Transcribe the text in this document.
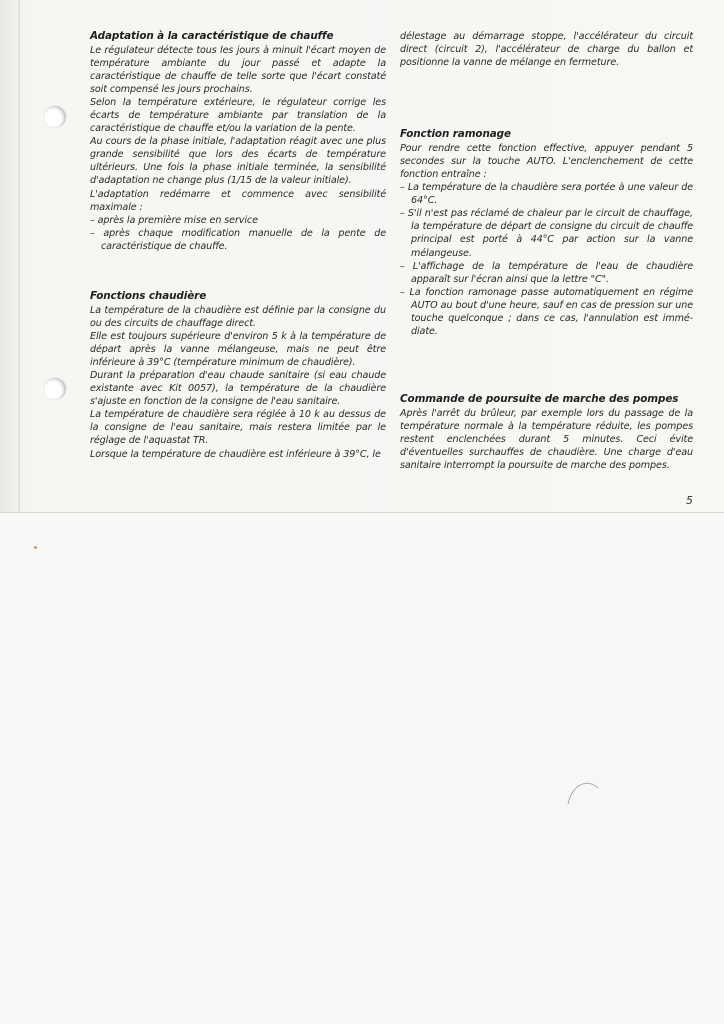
Adaptation à la caractéristique de chauffe

Le régulateur détecte tous les jours à minuit l'écart moyen de température ambiante du jour passé et adapte la caractéristique de chauffe de telle sorte que l'écart constaté soit compensé les jours prochains.

Selon la température extérieure, le régulateur corrige les écarts de température ambiante par translation de la caractéristique de chauffe et/ou la variation de la pente.

Au cours de la phase initiale, l'adaptation réagit avec une plus grande sensibilité que lors des écarts de température ultérieurs. Une fois la phase initiale terminée, la sensibilité d'adaptation ne change plus (1/15 de la valeur initiale).

L'adaptation redémarre et commence avec sensibilité maximale :

– après la première mise en service

– après chaque modification manuelle de la pente de caractéristique de chauffe.

Fonctions chaudière

La température de la chaudière est définie par la consigne du ou des circuits de chauffage direct.

Elle est toujours supérieure d'environ 5 k à la température de départ après la vanne mélangeuse, mais ne peut être inférieure à 39°C (température minimum de chaudière).

Durant la préparation d'eau chaude sanitaire (si eau chaude existante avec Kit 0057), la température de la chaudière s'ajuste en fonction de la consigne de l'eau sanitaire.

La température de chaudière sera réglée à 10 k au dessus de la consigne de l'eau sanitaire, mais restera limitée par le réglage de l'aquastat TR.

Lorsque la température de chaudière est inférieure à 39°C, le

délestage au démarrage stoppe, l'accélérateur du circuit direct (circuit 2), l'accélérateur de charge du ballon et positionne la vanne de mélange en fermeture.

Fonction ramonage

Pour rendre cette fonction effective, appuyer pendant 5 secondes sur la touche AUTO. L'enclenchement de cette fonction entraîne :

– La température de la chaudière sera portée à une valeur de 64°C.

– S'il n'est pas réclamé de chaleur par le circuit de chauffage, la température de départ de consigne du circuit de chauffe principal est porté à 44°C par action sur la vanne mélangeuse.

– L'affichage de la température de l'eau de chaudière apparaît sur l'écran ainsi que la lettre "C".

– La fonction ramonage passe automatiquement en régime AUTO au bout d'une heure, sauf en cas de pression sur une touche quelconque ; dans ce cas, l'annulation est immé-diate.

Commande de poursuite de marche des pompes

Après l'arrêt du brûleur, par exemple lors du passage de la température normale à la température réduite, les pompes restent enclenchées durant 5 minutes. Ceci évite d'éventuelles surchauffes de chaudière. Une charge d'eau sanitaire interrompt la poursuite de marche des pompes.

5
